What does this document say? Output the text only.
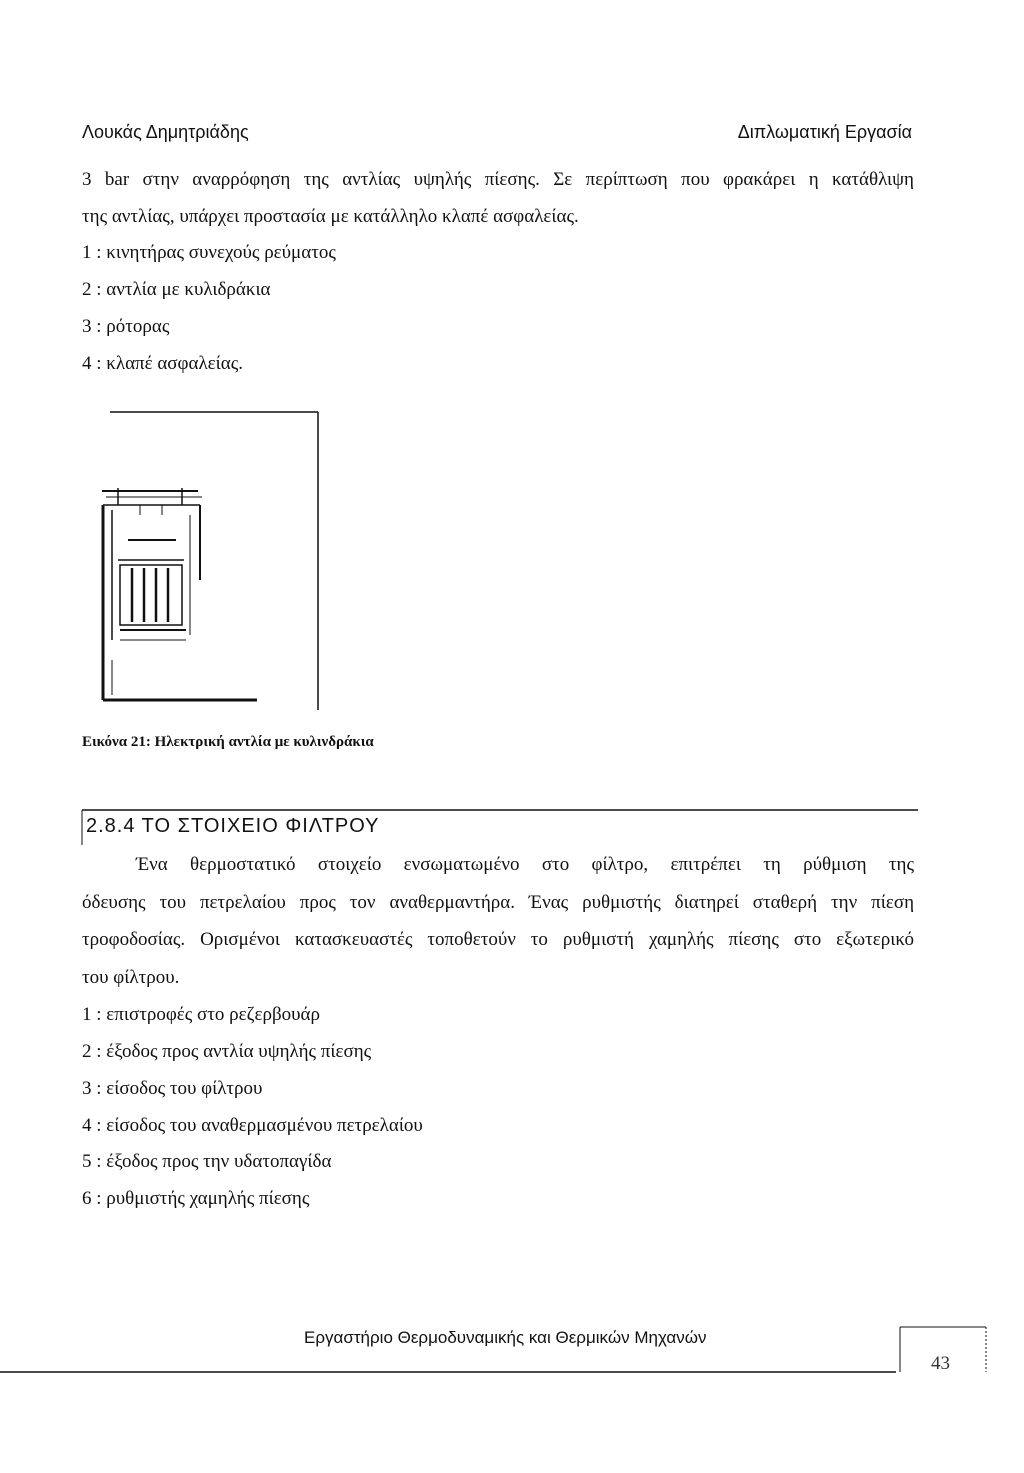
Λουκάς Δημητριάδης	Διπλωματική Εργασία
3 bar στην αναρρόφηση της αντλίας υψηλής πίεσης. Σε περίπτωση που φρακάρει η κατάθλιψη
της αντλίας, υπάρχει προστασία με κατάλληλο κλαπέ ασφαλείας.
1 : κινητήρας συνεχούς ρεύματος
2 : αντλία με κυλιδράκια
3 : ρότορας
4 : κλαπέ ασφαλείας.
Εικόνα 21: Ηλεκτρική αντλία με κυλινδράκια
2.8.4 ΤΟ ΣΤΟΙΧΕΙΟ ΦΙΛΤΡΟΥ
Ένα θερμοστατικό στοιχείο ενσωματωμένο στο φίλτρο, επιτρέπει τη ρύθμιση της
όδευσης του πετρελαίου προς τον αναθερμαντήρα. Ένας ρυθμιστής διατηρεί σταθερή την πίεση
τροφοδοσίας. Ορισμένοι κατασκευαστές τοποθετούν το ρυθμιστή χαμηλής πίεσης στο εξωτερικό
του φίλτρου.
1 : επιστροφές στο ρεζερβουάρ
2 : έξοδος προς αντλία υψηλής πίεσης
3 : είσοδος του φίλτρου
4 : είσοδος του αναθερμασμένου πετρελαίου
5 : έξοδος προς την υδατοπαγίδα
6 : ρυθμιστής χαμηλής πίεσης
Εργαστήριο Θερμοδυναμικής και Θερμικών Μηχανών
43
